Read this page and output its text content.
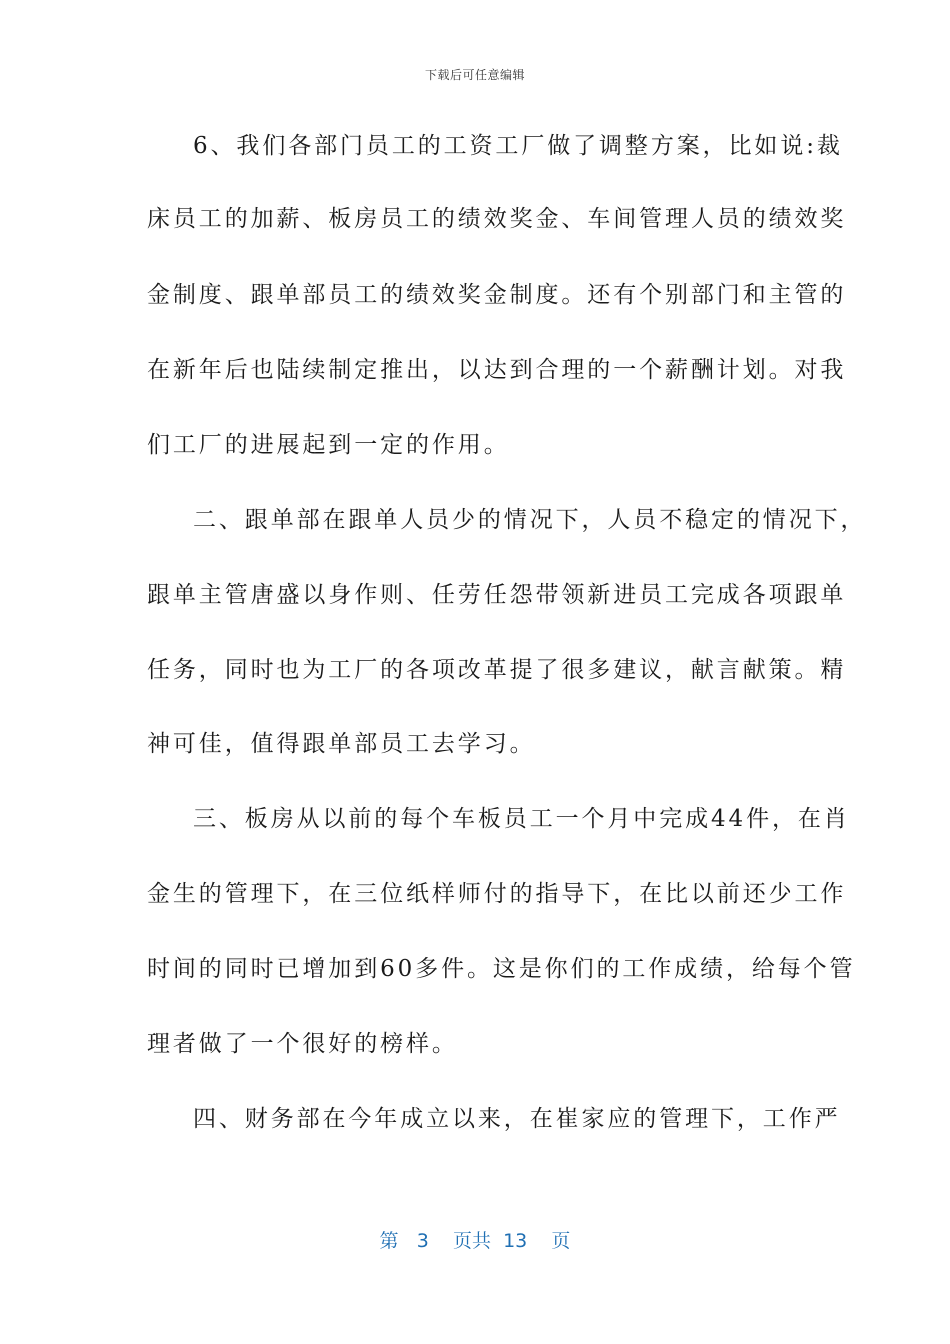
下载后可任意编辑
6、我们各部门员工的工资工厂做了调整方案，比如说:裁
床员工的加薪、板房员工的绩效奖金、车间管理人员的绩效奖
金制度、跟单部员工的绩效奖金制度。还有个别部门和主管的
在新年后也陆续制定推出，以达到合理的一个薪酬计划。对我
们工厂的进展起到一定的作用。
二、跟单部在跟单人员少的情况下，人员不稳定的情况下，
跟单主管唐盛以身作则、任劳任怨带领新进员工完成各项跟单
任务，同时也为工厂的各项改革提了很多建议，献言献策。精
神可佳，值得跟单部员工去学习。
三、板房从以前的每个车板员工一个月中完成44件，在肖
金生的管理下，在三位纸样师付的指导下，在比以前还少工作
时间的同时已增加到60多件。这是你们的工作成绩，给每个管
理者做了一个很好的榜样。
四、财务部在今年成立以来，在崔家应的管理下，工作严
第 3 页共 13 页
